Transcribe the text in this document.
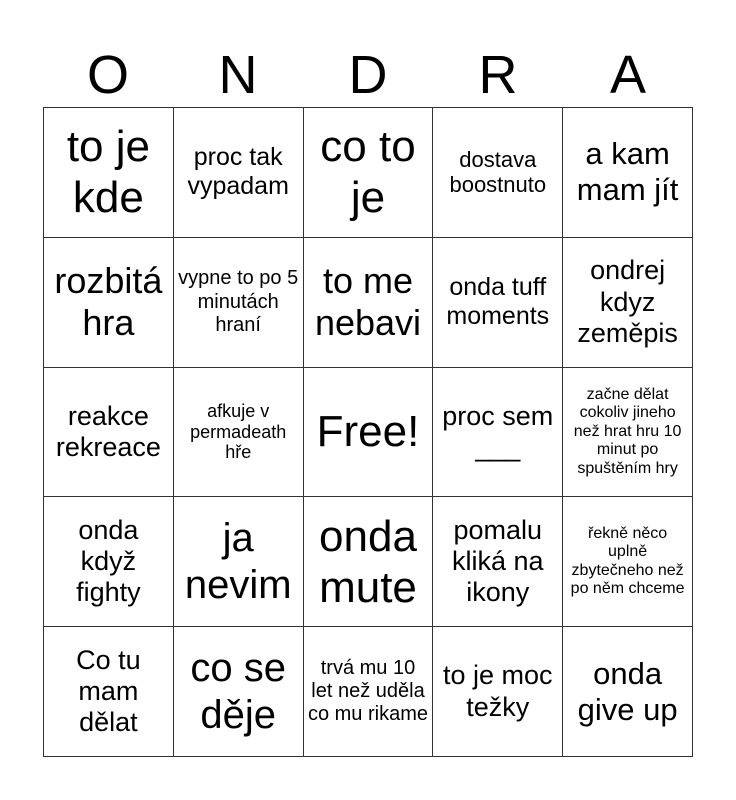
O	N	D	R	A
to je kde	proc tak vypadam	co to je	dostava boostnuto	a kam mam jít
rozbitá hra	vypne to po 5 minutách hraní	to me nebavi	onda tuff moments	ondrej kdyz zeměpis
reakce rekreace	afkuje v permadeath hře	Free!	proc sem ___	začne dělat cokoliv jineho než hrat hru 10 minut po spuštěním hry
onda když fighty	ja nevim	onda mute	pomalu kliká na ikony	řekně něco uplně zbytečneho než po něm chceme
Co tu mam dělat	co se děje	trvá mu 10 let než uděla co mu rikame	to je moc težky	onda give up
